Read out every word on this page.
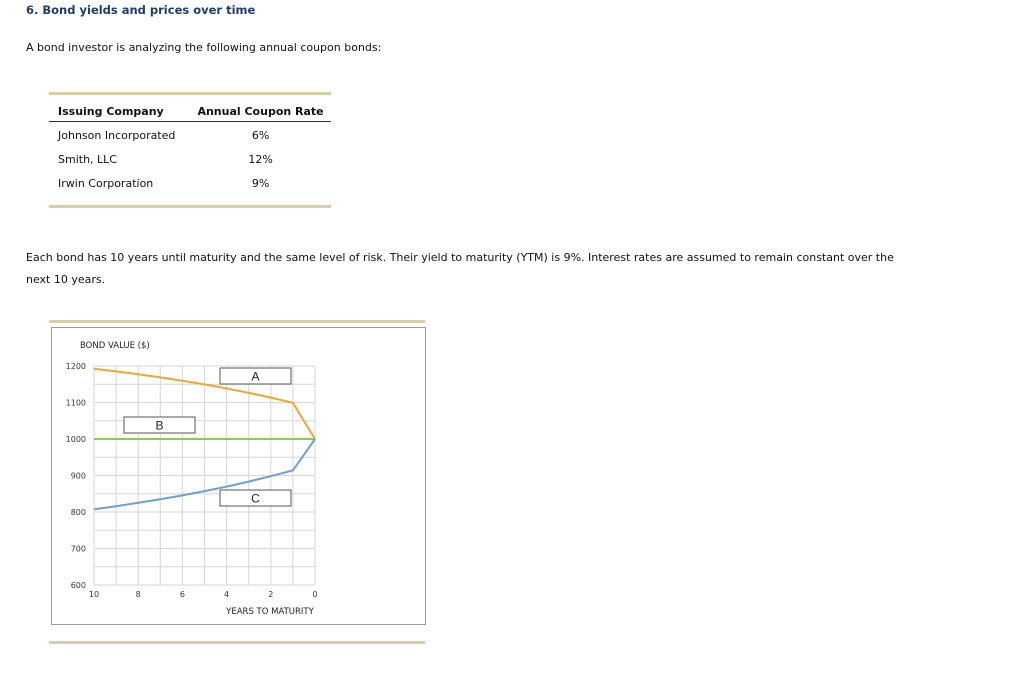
6. Bond yields and prices over time
A bond investor is analyzing the following annual coupon bonds:
Issuing Company	Annual Coupon Rate
Johnson Incorporated	6%
Smith, LLC	12%
Irwin Corporation	9%
Each bond has 10 years until maturity and the same level of risk. Their yield to maturity (YTM) is 9%. Interest rates are assumed to remain constant over the next 10 years.
1200
1100
1000
900
800
700
600
10	8	6	4	2	0
A
B
C
BOND VALUE ($)
YEARS TO MATURITY
